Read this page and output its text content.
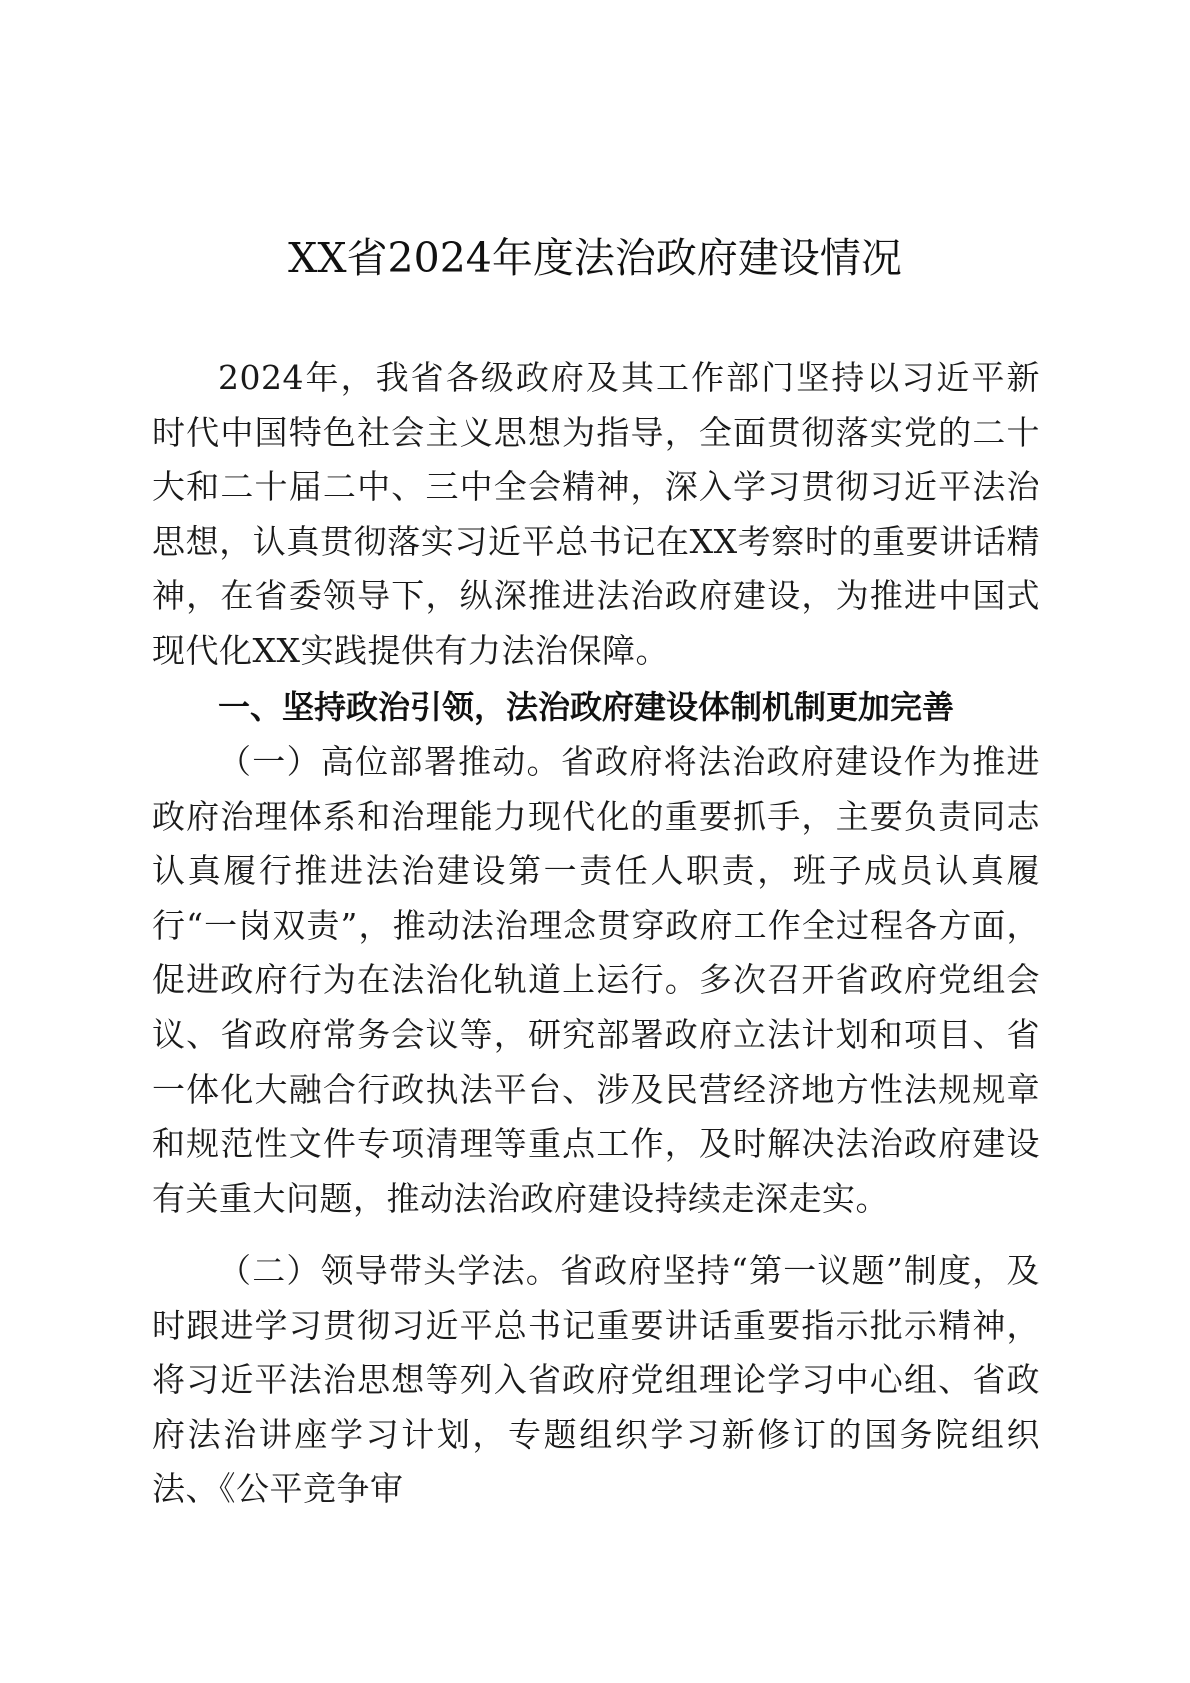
XX省2024年度法治政府建设情况

2024年，我省各级政府及其工作部门坚持以习近平新时代中国特色社会主义思想为指导，全面贯彻落实党的二十大和二十届二中、三中全会精神，深入学习贯彻习近平法治思想，认真贯彻落实习近平总书记在XX考察时的重要讲话精神，在省委领导下，纵深推进法治政府建设，为推进中国式现代化XX实践提供有力法治保障。

一、坚持政治引领，法治政府建设体制机制更加完善

（一）高位部署推动。省政府将法治政府建设作为推进政府治理体系和治理能力现代化的重要抓手，主要负责同志认真履行推进法治建设第一责任人职责，班子成员认真履行“一岗双责”，推动法治理念贯穿政府工作全过程各方面，促进政府行为在法治化轨道上运行。多次召开省政府党组会议、省政府常务会议等，研究部署政府立法计划和项目、省一体化大融合行政执法平台、涉及民营经济地方性法规规章和规范性文件专项清理等重点工作，及时解决法治政府建设有关重大问题，推动法治政府建设持续走深走实。

（二）领导带头学法。省政府坚持“第一议题”制度，及时跟进学习贯彻习近平总书记重要讲话重要指示批示精神，将习近平法治思想等列入省政府党组理论学习中心组、省政府法治讲座学习计划，专题组织学习新修订的国务院组织法、《公平竞争审
